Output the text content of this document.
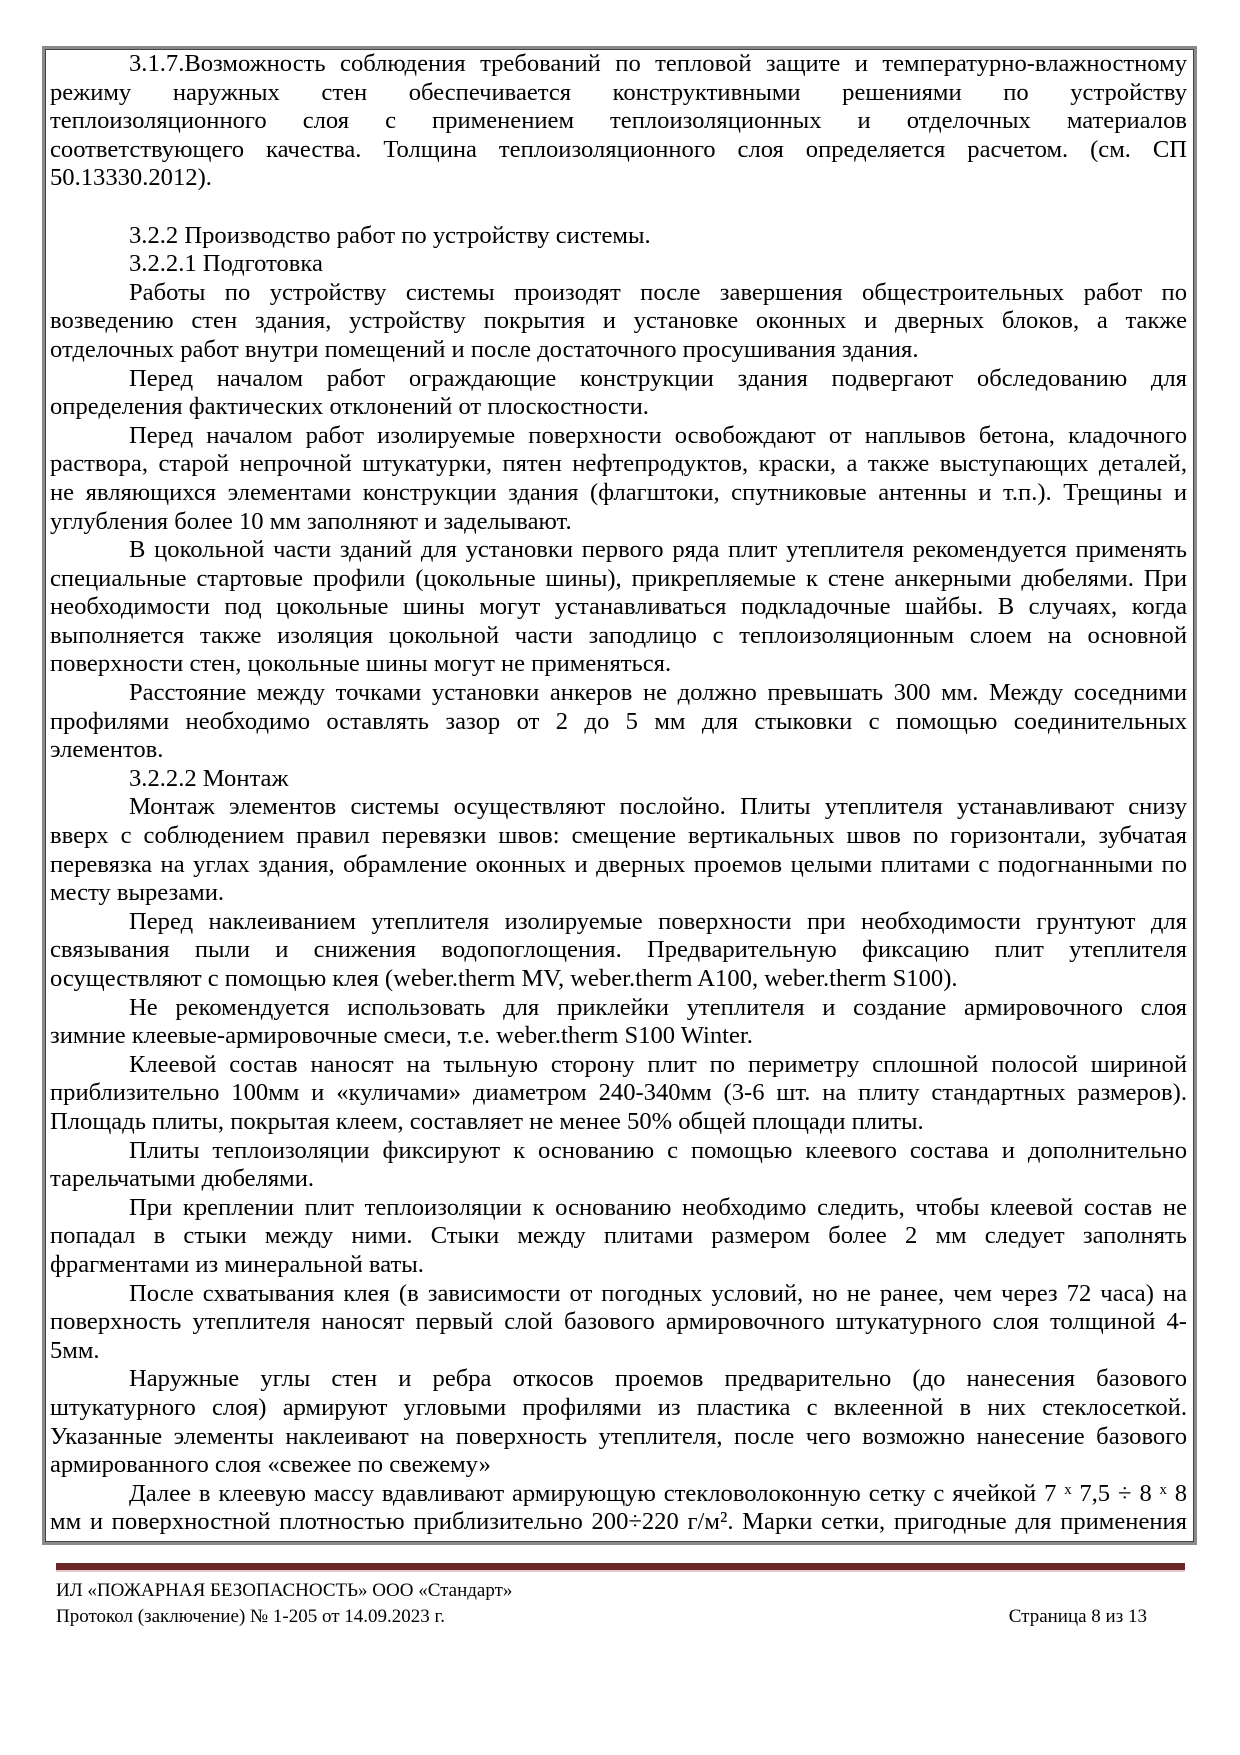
3.1.7.Возможность соблюдения требований по тепловой защите и температурно-влажностному
режиму наружных стен обеспечивается конструктивными решениями по устройству
теплоизоляционного слоя с применением теплоизоляционных и отделочных материалов
соответствующего качества. Толщина теплоизоляционного слоя определяется расчетом. (см. СП
50.13330.2012).

3.2.2 Производство работ по устройству системы.
3.2.2.1 Подготовка
Работы по устройству системы произодят после завершения общестроительных работ по
возведению стен здания, устройству покрытия и установке оконных и дверных блоков, а также
отделочных работ внутри помещений и после достаточного просушивания здания.
Перед началом работ ограждающие конструкции здания подвергают обследованию для
определения фактических отклонений от плоскостности.
Перед началом работ изолируемые поверхности освобождают от наплывов бетона, кладочного
раствора, старой непрочной штукатурки, пятен нефтепродуктов, краски, а также выступающих деталей,
не являющихся элементами конструкции здания (флагштоки, спутниковые антенны и т.п.). Трещины и
углубления более 10 мм заполняют и заделывают.
В цокольной части зданий для установки первого ряда плит утеплителя рекомендуется применять
специальные стартовые профили (цокольные шины), прикрепляемые к стене анкерными дюбелями. При
необходимости под цокольные шины могут устанавливаться подкладочные шайбы. В случаях, когда
выполняется также изоляция цокольной части заподлицо с теплоизоляционным слоем на основной
поверхности стен, цокольные шины могут не применяться.
Расстояние между точками установки анкеров не должно превышать 300 мм. Между соседними
профилями необходимо оставлять зазор от 2 до 5 мм для стыковки с помощью соединительных
элементов.
3.2.2.2 Монтаж
Монтаж элементов системы осуществляют послойно. Плиты утеплителя устанавливают снизу
вверх с соблюдением правил перевязки швов: смещение вертикальных швов по горизонтали, зубчатая
перевязка на углах здания, обрамление оконных и дверных проемов целыми плитами с подогнанными по
месту вырезами.
Перед наклеиванием утеплителя изолируемые поверхности при необходимости грунтуют для
связывания пыли и снижения водопоглощения. Предварительную фиксацию плит утеплителя
осуществляют с помощью клея (weber.therm MV, weber.therm A100, weber.therm S100).
Не рекомендуется использовать для приклейки утеплителя и создание армировочного слоя
зимние клеевые-армировочные смеси, т.е. weber.therm S100 Winter.
Клеевой состав наносят на тыльную сторону плит по периметру сплошной полосой шириной
приблизительно 100мм и «куличами» диаметром 240-340мм (3-6 шт. на плиту стандартных размеров).
Площадь плиты, покрытая клеем, составляет не менее 50% общей площади плиты.
Плиты теплоизоляции фиксируют к основанию с помощью клеевого состава и дополнительно
тарельчатыми дюбелями.
При креплении плит теплоизоляции к основанию необходимо следить, чтобы клеевой состав не
попадал в стыки между ними. Стыки между плитами размером более 2 мм следует заполнять
фрагментами из минеральной ваты.
После схватывания клея (в зависимости от погодных условий, но не ранее, чем через 72 часа) на
поверхность утеплителя наносят первый слой базового армировочного штукатурного слоя толщиной 4-
5мм.
Наружные углы стен и ребра откосов проемов предварительно (до нанесения базового
штукатурного слоя) армируют угловыми профилями из пластика с вклеенной в них стеклосеткой.
Указанные элементы наклеивают на поверхность утеплителя, после чего возможно нанесение базового
армированного слоя «свежее по свежему»
Далее в клеевую массу вдавливают армирующую стекловолоконную сетку с ячейкой 7 ˣ 7,5 ÷ 8 ˣ 8
мм и поверхностной плотностью приблизительно 200÷220 г/м². Марки сетки, пригодные для применения
ИЛ «ПОЖАРНАЯ БЕЗОПАСНОСТЬ» ООО «Стандарт»
Протокол (заключение) № 1-205 от 14.09.2023 г.	Страница 8 из 13
